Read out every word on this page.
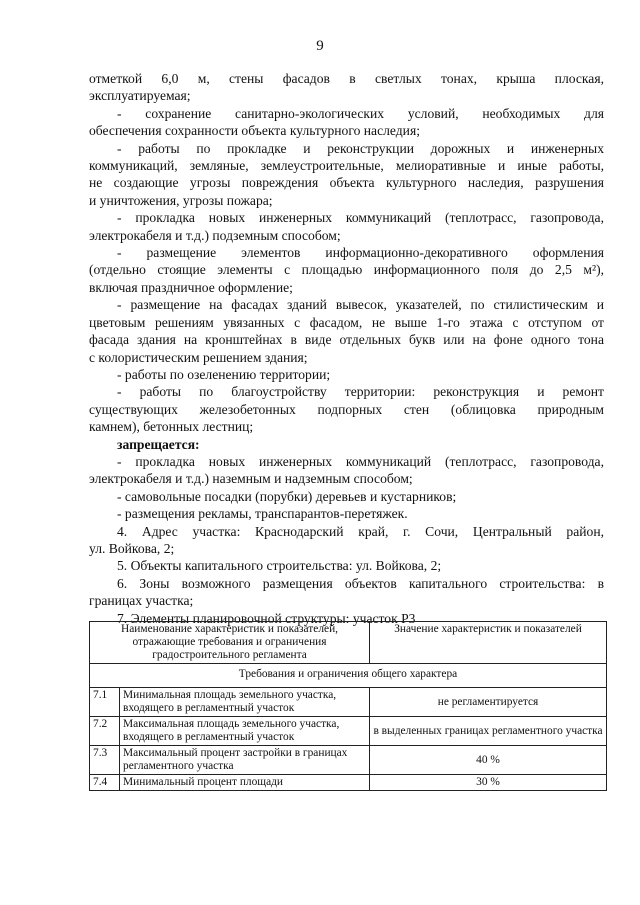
9
отметкой 6,0 м, стены фасадов в светлых тонах, крыша плоская,
эксплуатируемая;
- сохранение санитарно-экологических условий, необходимых для
обеспечения сохранности объекта культурного наследия;
- работы по прокладке и реконструкции дорожных и инженерных
коммуникаций, земляные, землеустроительные, мелиоративные и иные работы,
не создающие угрозы повреждения объекта культурного наследия, разрушения
и уничтожения, угрозы пожара;
- прокладка новых инженерных коммуникаций (теплотрасс, газопровода,
электрокабеля и т.д.) подземным способом;
- размещение элементов информационно-декоративного оформления
(отдельно стоящие элементы с площадью информационного поля до 2,5 м²),
включая праздничное оформление;
- размещение на фасадах зданий вывесок, указателей, по стилистическим и
цветовым решениям увязанных с фасадом, не выше 1-го этажа с отступом от
фасада здания на кронштейнах в виде отдельных букв или на фоне одного тона
с колористическим решением здания;
- работы по озеленению территории;
- работы по благоустройству территории: реконструкция и ремонт
существующих железобетонных подпорных стен (облицовка природным
камнем), бетонных лестниц;
запрещается:
- прокладка новых инженерных коммуникаций (теплотрасс, газопровода,
электрокабеля и т.д.) наземным и надземным способом;
- самовольные посадки (порубки) деревьев и кустарников;
- размещения рекламы, транспарантов-перетяжек.
4. Адрес участка: Краснодарский край, г. Сочи, Центральный район,
ул. Войкова, 2;
5. Объекты капитального строительства: ул. Войкова, 2;
6. Зоны возможного размещения объектов капитального строительства: в
границах участка;
7. Элементы планировочной структуры: участок Р3
Наименование характеристик и показателей, отражающие требования и ограничения градостроительного регламента		Значение характеристик и показателей
Требования и ограничения общего характера		
7.1	Минимальная площадь земельного участка, входящего в регламентный участок	не регламентируется
7.2	Максимальная площадь земельного участка, входящего в регламентный участок	в выделенных границах регламентного участка
7.3	Максимальный процент застройки в границах регламентного участка	40 %
7.4	Минимальный процент площади	30 %
